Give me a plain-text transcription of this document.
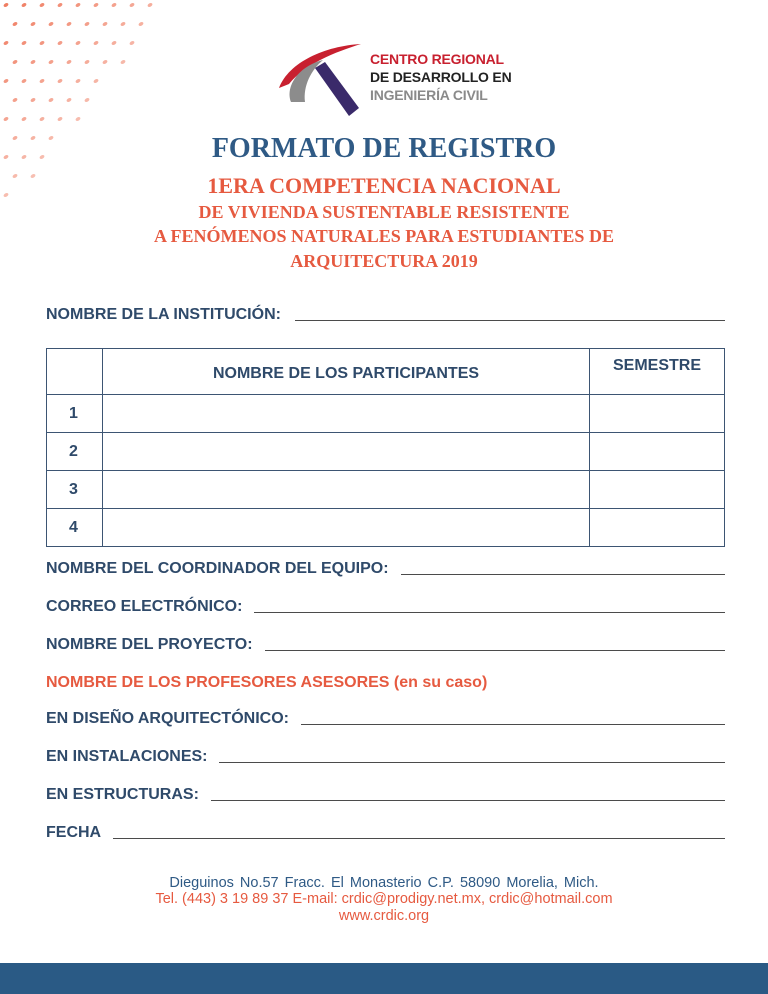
CENTRO REGIONAL
DE DESARROLLO EN
INGENIERÍA CIVIL
FORMATO DE REGISTRO
1ERA COMPETENCIA NACIONAL
DE VIVIENDA SUSTENTABLE RESISTENTE
A FENÓMENOS NATURALES PARA ESTUDIANTES DE
ARQUITECTURA 2019
NOMBRE DE LA INSTITUCIÓN:
	NOMBRE DE LOS PARTICIPANTES	SEMESTRE
1		
2		
3		
4		
NOMBRE DEL COORDINADOR DEL EQUIPO:
CORREO ELECTRÓNICO:
NOMBRE DEL PROYECTO:
NOMBRE DE LOS PROFESORES ASESORES (en su caso)
EN DISEÑO ARQUITECTÓNICO:
EN INSTALACIONES:
EN ESTRUCTURAS:
FECHA
Dieguinos No.57 Fracc. El Monasterio C.P. 58090 Morelia, Mich.
Tel. (443) 3 19 89 37 E-mail: crdic@prodigy.net.mx, crdic@hotmail.com
www.crdic.org
